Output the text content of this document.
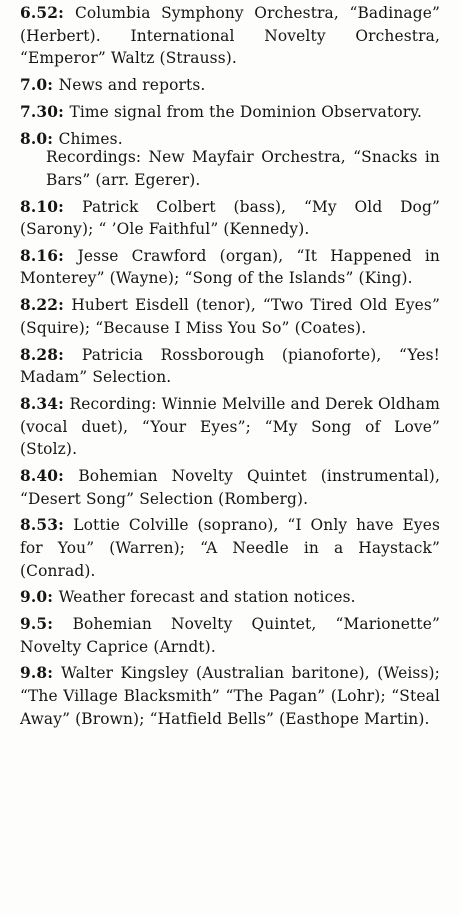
6.52: Columbia Symphony Orchestra, “Badinage” (Herbert). International Novelty Orchestra, “Emperor” Waltz (Strauss).
7.0: News and reports.
7.30: Time signal from the Dominion Observatory.
8.0: Chimes.
Recordings: New Mayfair Orchestra, “Snacks in Bars” (arr. Egerer).
8.10: Patrick Colbert (bass), “My Old Dog” (Sarony); “ ’Ole Faithful” (Kennedy).
8.16: Jesse Crawford (organ), “It Happened in Monterey” (Wayne); “Song of the Islands” (King).
8.22: Hubert Eisdell (tenor), “Two Tired Old Eyes” (Squire); “Because I Miss You So” (Coates).
8.28: Patricia Rossborough (pianoforte), “Yes! Madam” Selection.
8.34: Recording: Winnie Melville and Derek Oldham (vocal duet), “Your Eyes”; “My Song of Love” (Stolz).
8.40: Bohemian Novelty Quintet (instrumental), “Desert Song” Selection (Romberg).
8.53: Lottie Colville (soprano), “I Only have Eyes for You” (Warren); “A Needle in a Haystack” (Conrad).
9.0: Weather forecast and station notices.
9.5: Bohemian Novelty Quintet, “Marionette” Novelty Caprice (Arndt).
9.8: Walter Kingsley (Australian baritone), (Weiss); “The Village Blacksmith” “The Pagan” (Lohr); “Steal Away” (Brown); “Hatfield Bells” (Easthope Martin).
